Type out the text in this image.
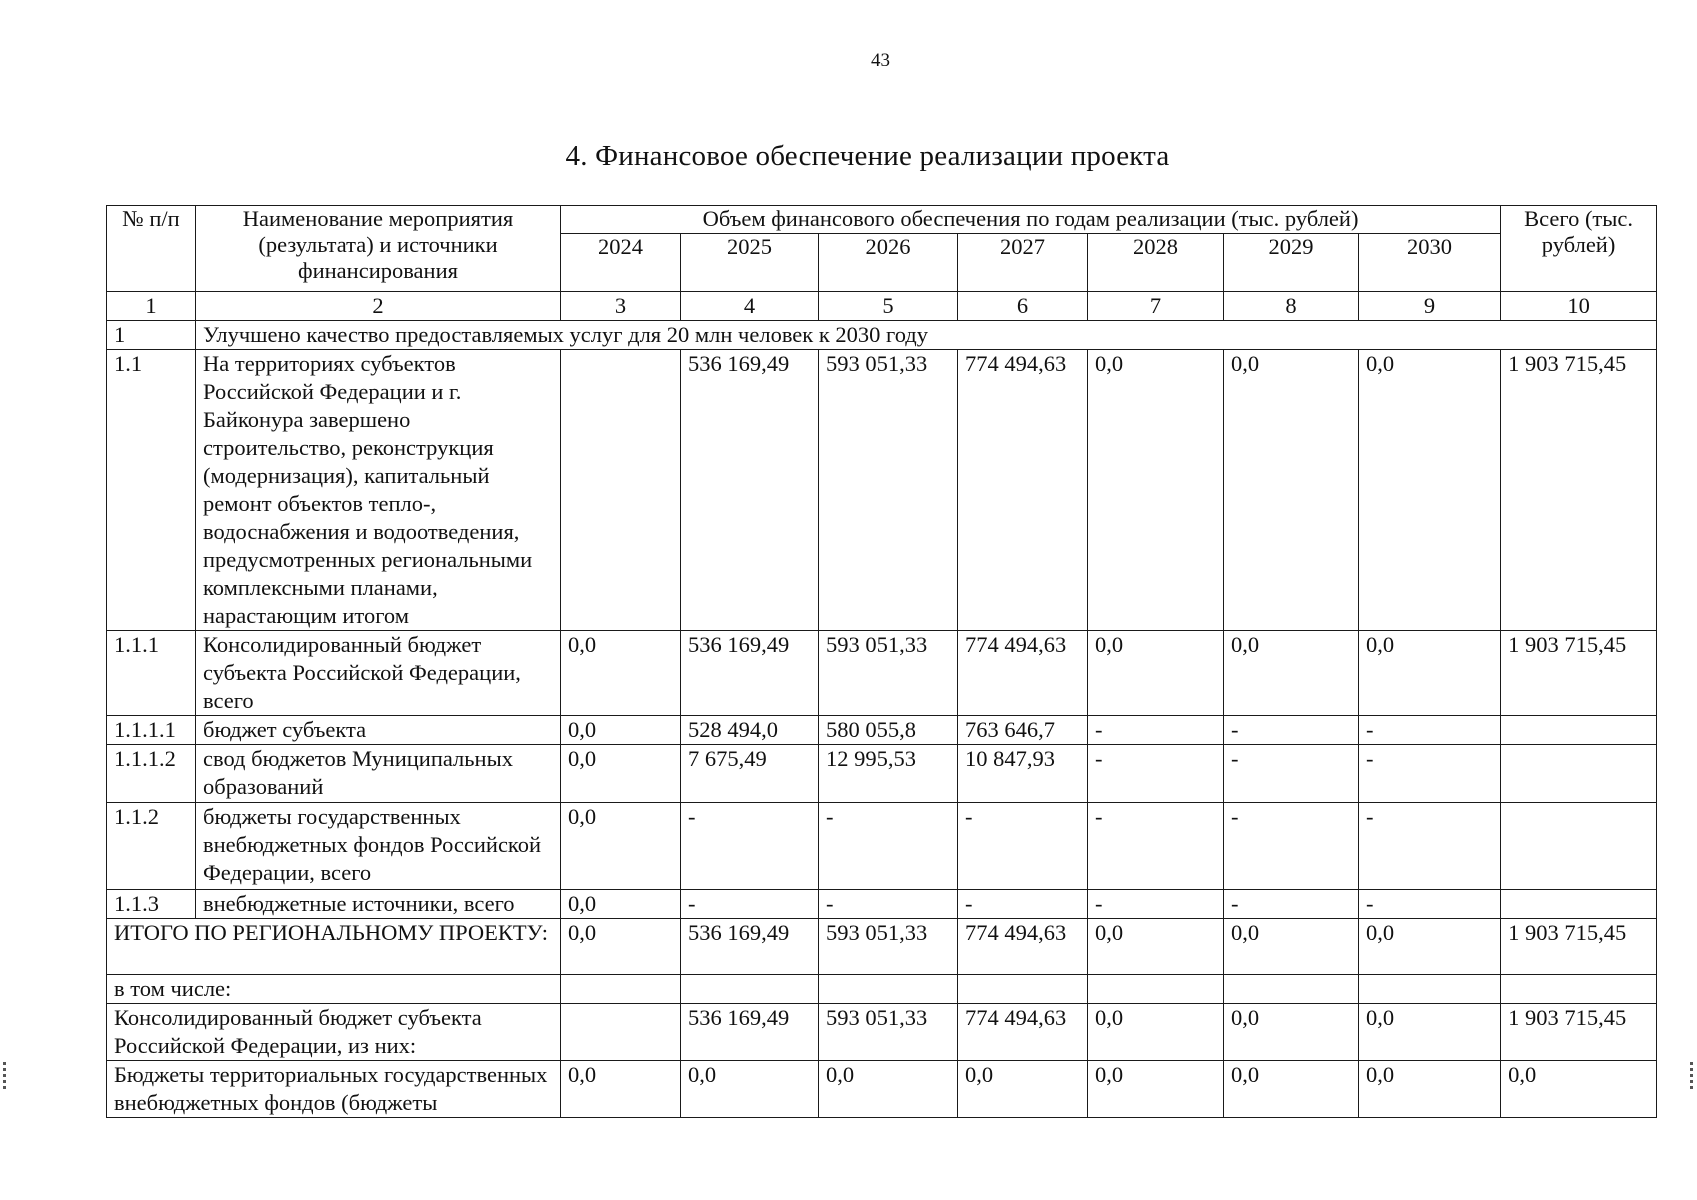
43
4. Финансовое обеспечение реализации проекта
№ п/п	Наименование мероприятия (результата) и источники финансирования	Объем финансового обеспечения по годам реализации (тыс. рублей)							Всего (тыс. рублей)
		2024	2025	2026	2027	2028	2029	2030	
1	2	3	4	5	6	7	8	9	10
1	Улучшено качество предоставляемых услуг для 20 млн человек к 2030 году								
1.1	На территориях субъектов Российской Федерации и г. Байконура завершено строительство, реконструкция (модернизация), капитальный ремонт объектов тепло-, водоснабжения и водоотведения, предусмотренных региональными комплексными планами, нарастающим итогом		536 169,49	593 051,33	774 494,63	0,0	0,0	0,0	1 903 715,45
1.1.1	Консолидированный бюджет субъекта Российской Федерации, всего	0,0	536 169,49	593 051,33	774 494,63	0,0	0,0	0,0	1 903 715,45
1.1.1.1	бюджет субъекта	0,0	528 494,0	580 055,8	763 646,7	-	-	-	
1.1.1.2	свод бюджетов Муниципальных образований	0,0	7 675,49	12 995,53	10 847,93	-	-	-	
1.1.2	бюджеты государственных внебюджетных фондов Российской Федерации, всего	0,0	-	-	-	-	-	-	
1.1.3	внебюджетные источники, всего	0,0	-	-	-	-	-	-	
ИТОГО ПО РЕГИОНАЛЬНОМУ ПРОЕКТУ:		0,0	536 169,49	593 051,33	774 494,63	0,0	0,0	0,0	1 903 715,45
в том числе:									
Консолидированный бюджет субъекта Российской Федерации, из них:			536 169,49	593 051,33	774 494,63	0,0	0,0	0,0	1 903 715,45
Бюджеты территориальных государственных внебюджетных фондов (бюджеты		0,0	0,0	0,0	0,0	0,0	0,0	0,0	0,0
